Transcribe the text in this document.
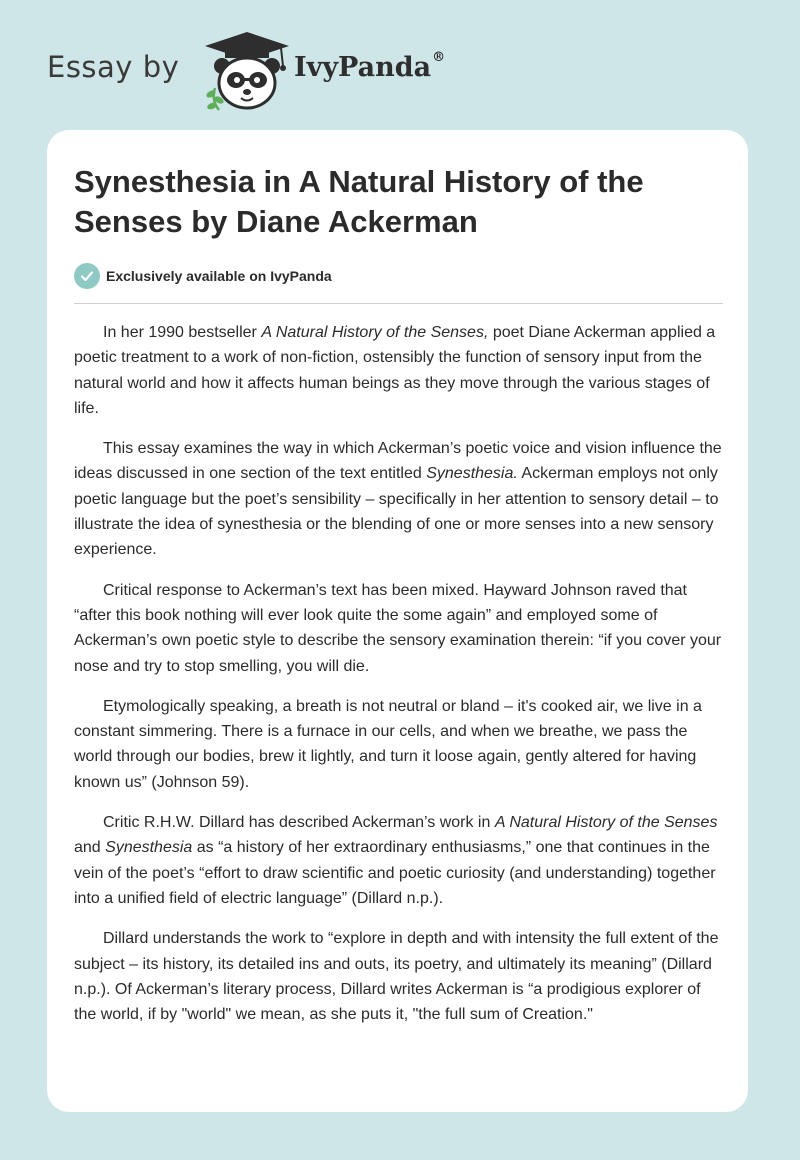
Essay by	IvyPanda®
Synesthesia in A Natural History of the Senses by Diane Ackerman
Exclusively available on IvyPanda

In her 1990 bestseller A Natural History of the Senses, poet Diane Ackerman applied a poetic treatment to a work of non-fiction, ostensibly the function of sensory input from the natural world and how it affects human beings as they move through the various stages of life.

This essay examines the way in which Ackerman’s poetic voice and vision influence the ideas discussed in one section of the text entitled Synesthesia. Ackerman employs not only poetic language but the poet’s sensibility – specifically in her attention to sensory detail – to illustrate the idea of synesthesia or the blending of one or more senses into a new sensory experience.

Critical response to Ackerman’s text has been mixed. Hayward Johnson raved that “after this book nothing will ever look quite the some again” and employed some of Ackerman’s own poetic style to describe the sensory examination therein: “if you cover your nose and try to stop smelling, you will die.

Etymologically speaking, a breath is not neutral or bland – it's cooked air, we live in a constant simmering. There is a furnace in our cells, and when we breathe, we pass the world through our bodies, brew it lightly, and turn it loose again, gently altered for having known us” (Johnson 59).

Critic R.H.W. Dillard has described Ackerman’s work in A Natural History of the Senses and Synesthesia as “a history of her extraordinary enthusiasms,” one that continues in the vein of the poet’s “effort to draw scientific and poetic curiosity (and understanding) together into a unified field of electric language” (Dillard n.p.).

Dillard understands the work to “explore in depth and with intensity the full extent of the subject – its history, its detailed ins and outs, its poetry, and ultimately its meaning” (Dillard n.p.). Of Ackerman’s literary process, Dillard writes Ackerman is “a prodigious explorer of the world, if by "world" we mean, as she puts it, "the full sum of Creation."
